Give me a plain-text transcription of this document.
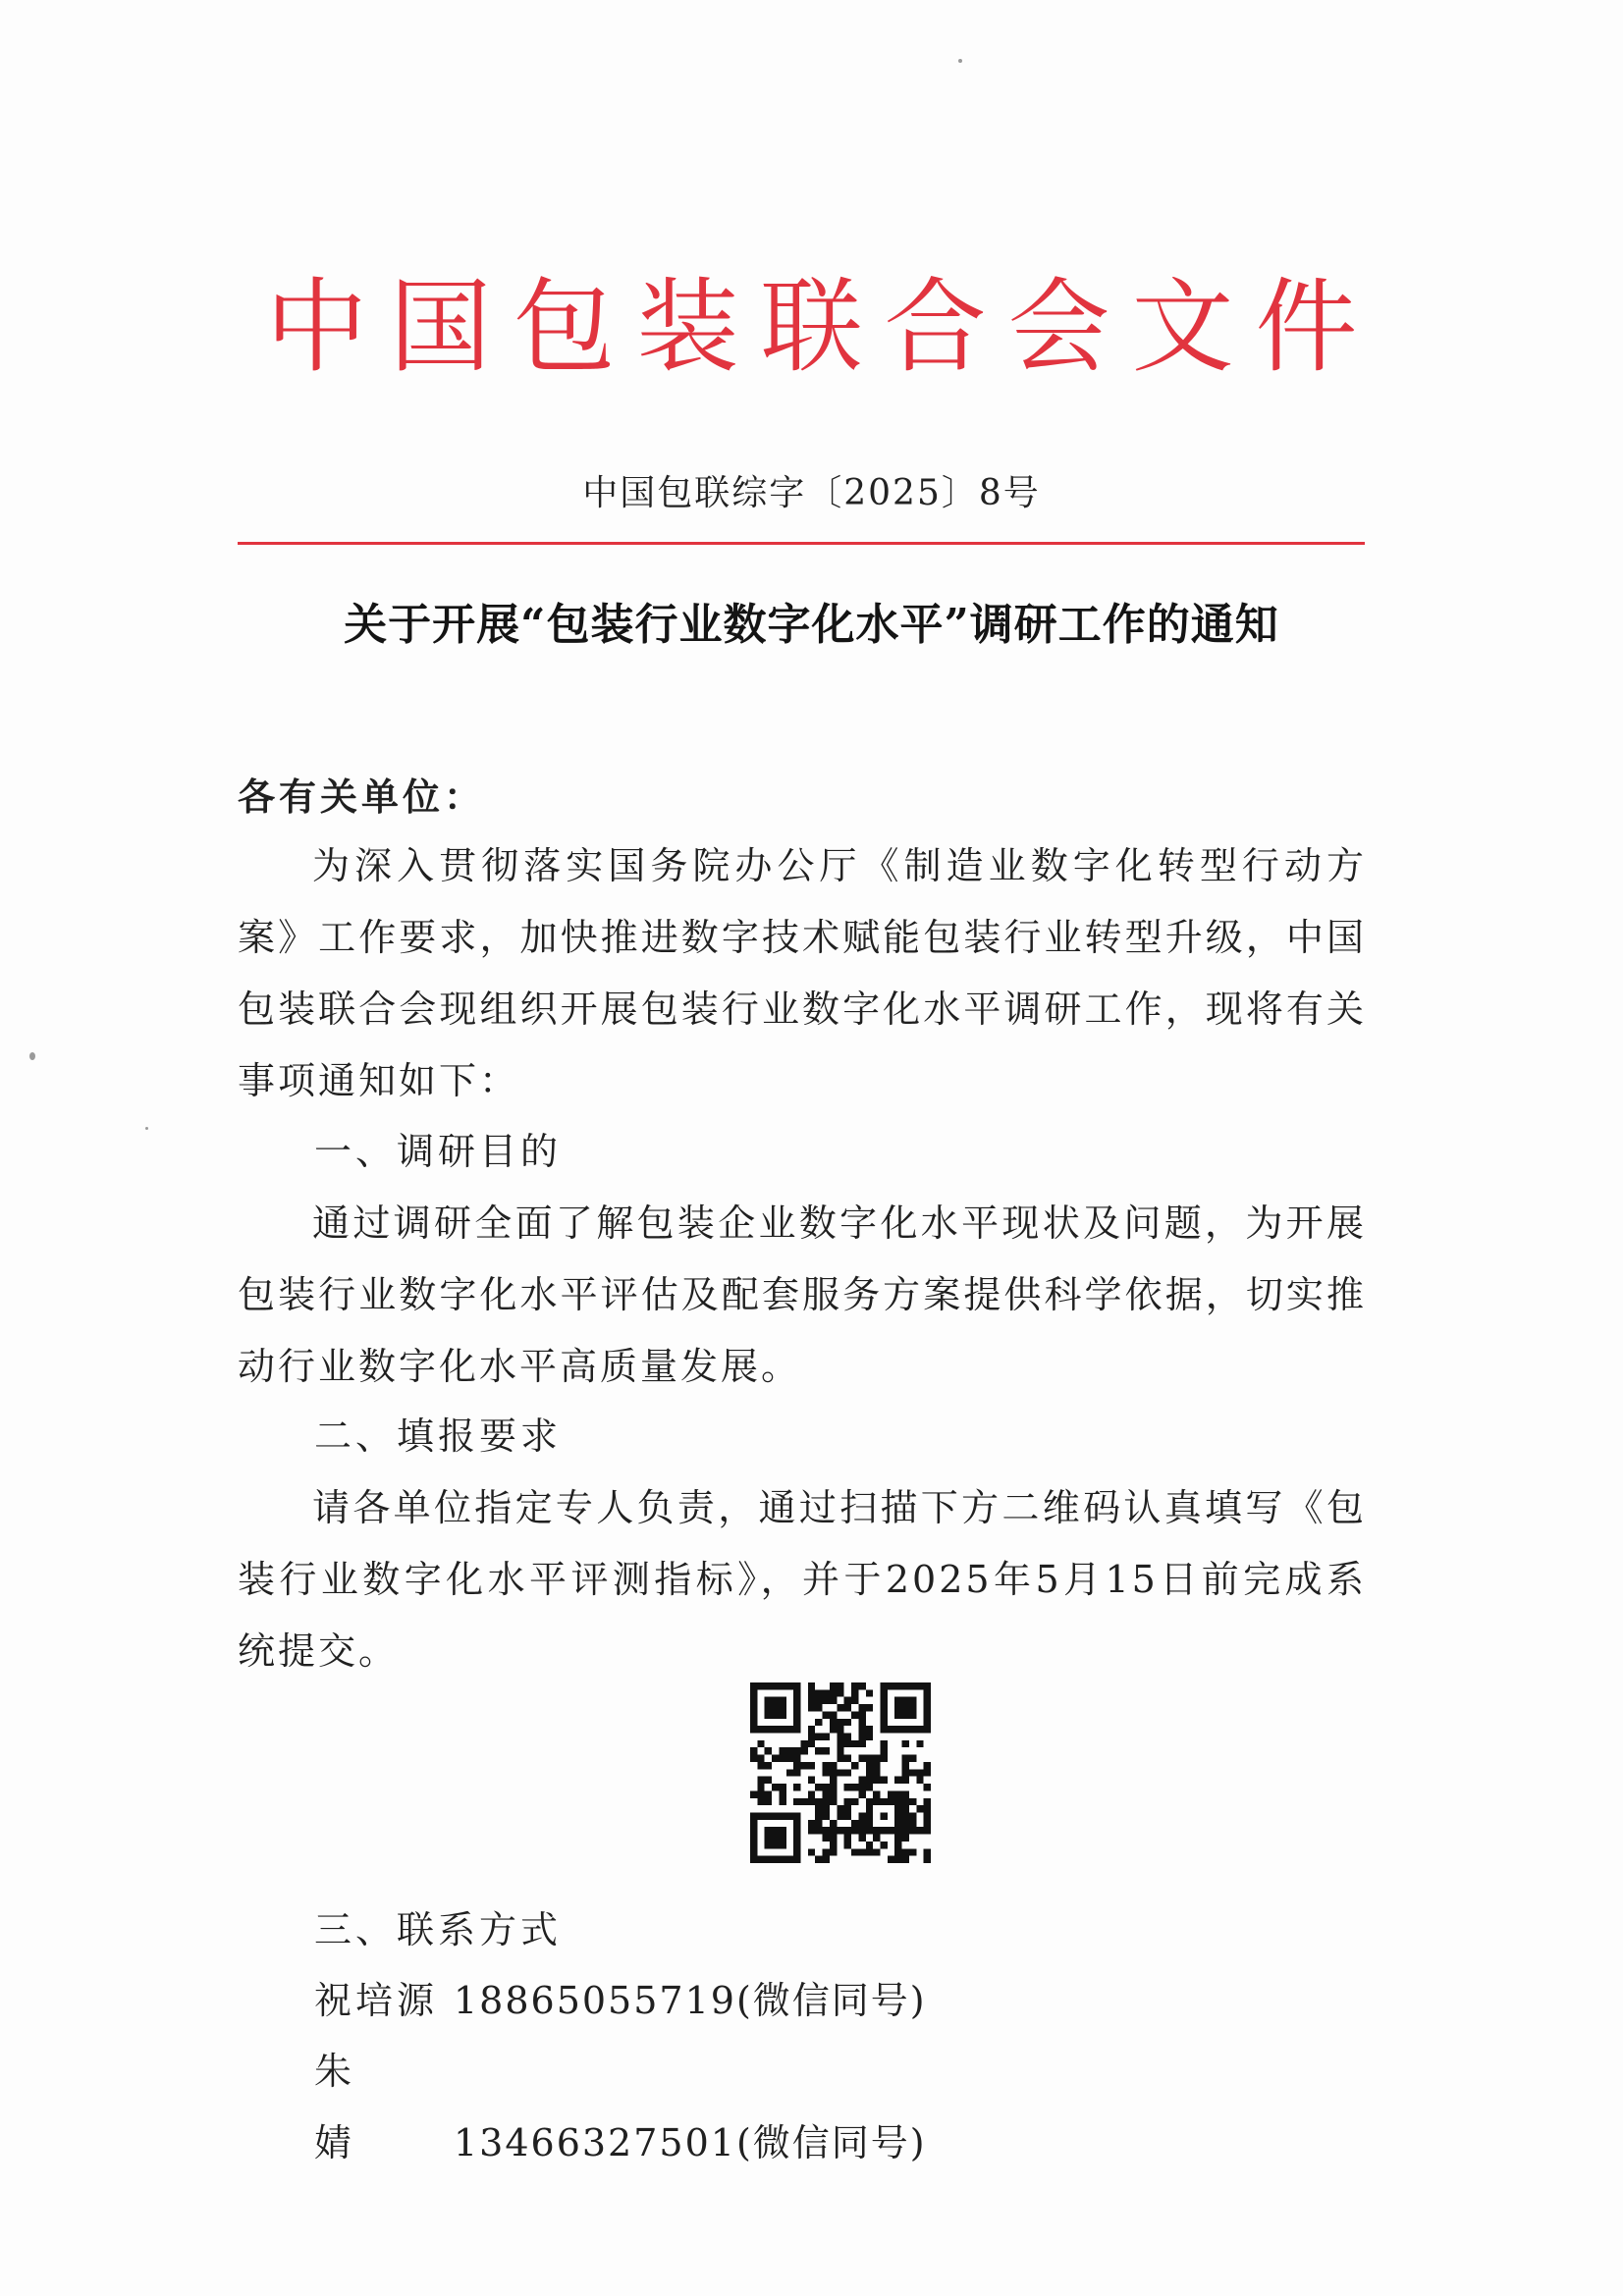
中国包装联合会文件
中国包联综字〔2025〕8号
关于开展“包装行业数字化水平”调研工作的通知
各有关单位：
为深入贯彻落实国务院办公厅《制造业数字化转型行动方案》工作要求，加快推进数字技术赋能包装行业转型升级，中国包装联合会现组织开展包装行业数字化水平调研工作，现将有关事项通知如下：
一、调研目的
通过调研全面了解包装企业数字化水平现状及问题，为开展包装行业数字化水平评估及配套服务方案提供科学依据，切实推动行业数字化水平高质量发展。
二、填报要求
请各单位指定专人负责，通过扫描下方二维码认真填写《包装行业数字化水平评测指标》，并于2025年5月15日前完成系统提交。
三、联系方式
祝培源 18865055719(微信同号)
朱婧 13466327501(微信同号)
